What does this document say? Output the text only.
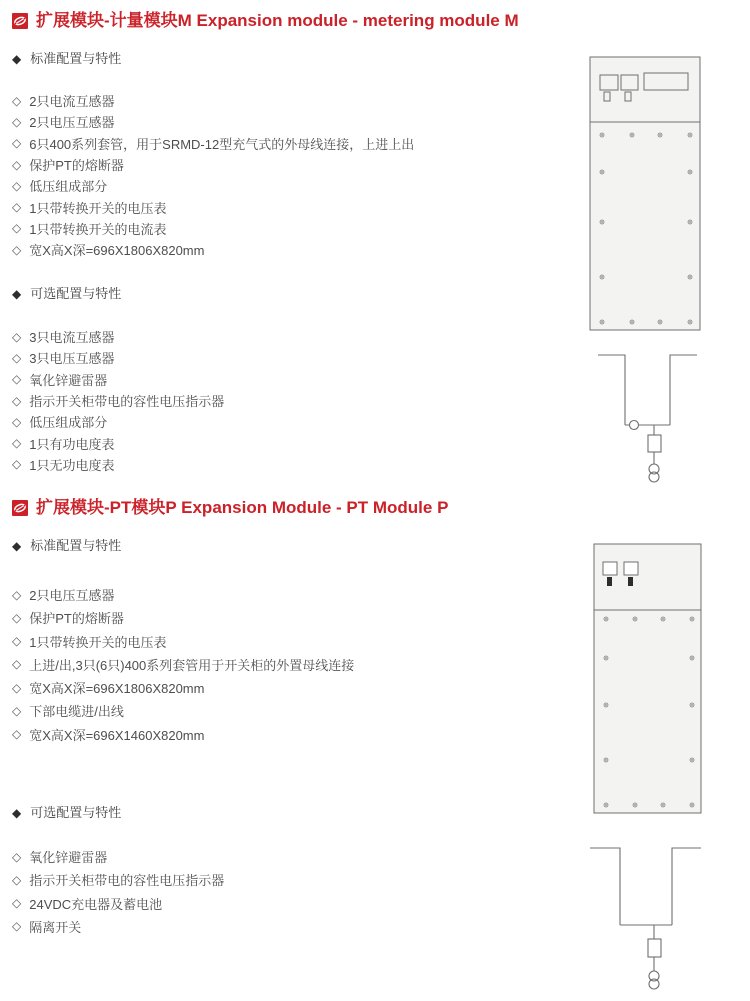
扩展模块-计量模块M Expansion module - metering module M
◆ 标准配置与特性
◇ 2只电流互感器
◇ 2只电压互感器
◇ 6只400系列套管，用于SRMD-12型充气式的外母线连接，上进上出
◇ 保护PT的熔断器
◇ 低压组成部分
◇ 1只带转换开关的电压表
◇ 1只带转换开关的电流表
◇ 宽X高X深=696X1806X820mm
◆ 可选配置与特性
◇ 3只电流互感器
◇ 3只电压互感器
◇ 氧化锌避雷器
◇ 指示开关柜带电的容性电压指示器
◇ 低压组成部分
◇ 1只有功电度表
◇ 1只无功电度表
扩展模块-PT模块P Expansion Module - PT Module P
◆ 标准配置与特性
◇ 2只电压互感器
◇ 保护PT的熔断器
◇ 1只带转换开关的电压表
◇ 上进/出,3只(6只)400系列套管用于开关柜的外置母线连接
◇ 宽X高X深=696X1806X820mm
◇ 下部电缆进/出线
◇ 宽X高X深=696X1460X820mm
◆ 可选配置与特性
◇ 氧化锌避雷器
◇ 指示开关柜带电的容性电压指示器
◇ 24VDC充电器及蓄电池
◇ 隔离开关
